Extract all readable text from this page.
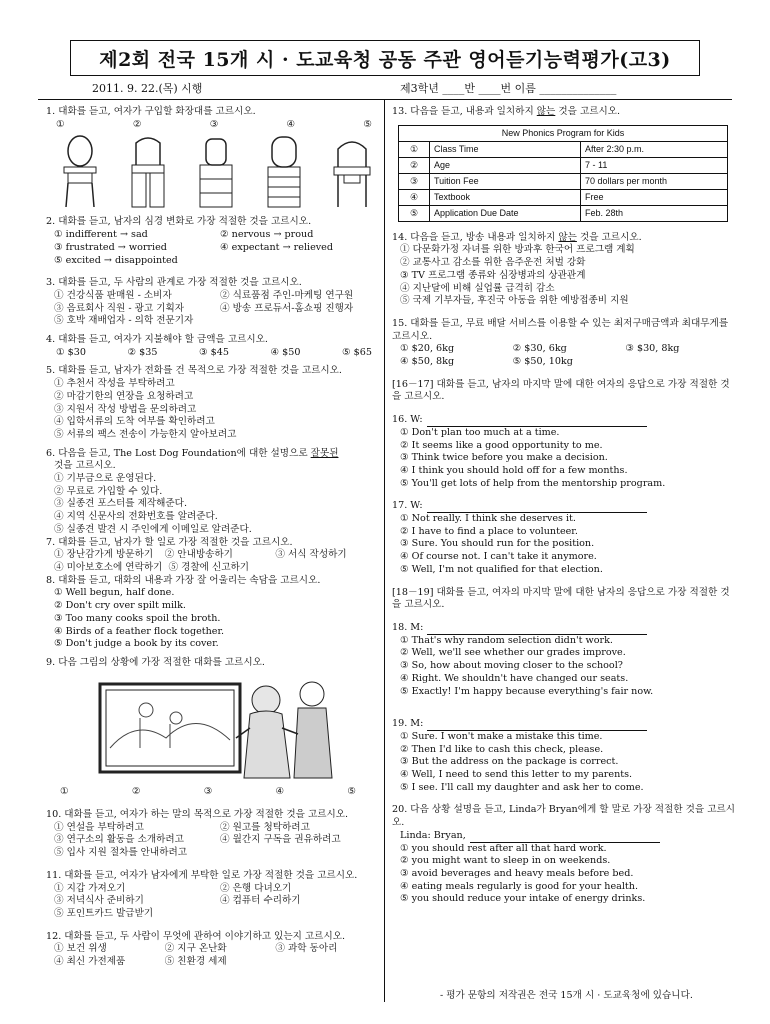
제2회 전국 15개 시 · 도교육청 공동 주관 영어듣기능력평가(고3)
2011. 9. 22.(목) 시행	제3학년 ____반 ____번 이름 ______________
1. 대화를 듣고, 여자가 구입할 화장대를 고르시오.
①	②	③	④	⑤
2. 대화를 듣고, 남자의 심경 변화로 가장 적절한 것을 고르시오.
① indifferent → sad	② nervous → proud
③ frustrated → worried	④ expectant → relieved
⑤ excited → disappointed
3. 대화를 듣고, 두 사람의 관계로 가장 적절한 것을 고르시오.
① 건강식품 판매원 - 소비자	② 식료품점 주인-마케팅 연구원
③ 음료회사 직원 - 광고 기획자	④ 방송 프로듀서-홈쇼핑 진행자
⑤ 호박 재배업자 - 의학 전문기자
4. 대화를 듣고, 여자가 지불해야 할 금액을 고르시오.
① $30	② $35	③ $45	④ $50	⑤ $65
5. 대화를 듣고, 남자가 전화를 건 목적으로 가장 적절한 것을 고르시오.
① 추천서 작성을 부탁하려고
② 마감기한의 연장을 요청하려고
③ 지원서 작성 방법을 문의하려고
④ 입학서류의 도착 여부를 확인하려고
⑤ 서류의 팩스 전송이 가능한지 알아보려고
6. 다음을 듣고, The Lost Dog Foundation에 대한 설명으로 잘못된
것을 고르시오.
① 기부금으로 운영된다.
② 무료로 가입할 수 있다.
③ 실종견 포스터를 제작해준다.
④ 지역 신문사의 전화번호를 알려준다.
⑤ 실종견 발견 시 주인에게 이메일로 알려준다.
7. 대화를 듣고, 남자가 할 일로 가장 적절한 것을 고르시오.
① 장난감가게 방문하기	② 안내방송하기	③ 서식 작성하기
④ 미아보호소에 연락하기 ⑤ 경찰에 신고하기
8. 대화를 듣고, 대화의 내용과 가장 잘 어울리는 속담을 고르시오.
① Well begun, half done.
② Don't cry over spilt milk.
③ Too many cooks spoil the broth.
④ Birds of a feather flock together.
⑤ Don't judge a book by its cover.
9. 다음 그림의 상황에 가장 적절한 대화를 고르시오.
①	②	③	④	⑤
10. 대화를 듣고, 여자가 하는 말의 목적으로 가장 적절한 것을 고르시오.
① 연설을 부탁하려고	② 원고를 청탁하려고
③ 연구소의 활동을 소개하려고	④ 월간지 구독을 권유하려고
⑤ 입사 지원 절차를 안내하려고
11. 대화를 듣고, 여자가 남자에게 부탁한 일로 가장 적절한 것을 고르시오.
① 지갑 가져오기	② 은행 다녀오기
③ 저녁식사 준비하기	④ 컴퓨터 수리하기
⑤ 포인트카드 발급받기
12. 대화를 듣고, 두 사람이 무엇에 관하여 이야기하고 있는지 고르시오.
① 보건 위생	② 지구 온난화	③ 과학 동아리
④ 최신 가전제품	⑤ 친환경 세제
13. 다음을 듣고, 내용과 일치하지 않는 것을 고르시오.
New Phonics Program for Kids		
①	Class Time	After 2:30 p.m.
②	Age	7 - 11
③	Tuition Fee	70 dollars per month
④	Textbook	Free
⑤	Application Due Date	Feb. 28th
14. 다음을 듣고, 방송 내용과 일치하지 않는 것을 고르시오.
① 다문화가정 자녀를 위한 방과후 한국어 프로그램 계획
② 교통사고 감소를 위한 음주운전 처벌 강화
③ TV 프로그램 종류와 심장병과의 상관관계
④ 지난달에 비해 실업률 급격히 감소
⑤ 국제 기부자들, 후진국 아동을 위한 예방접종비 지원
15. 대화를 듣고, 무료 배달 서비스를 이용할 수 있는 최저구매금액과 최대무게를 고르시오.
① $20, 6kg	② $30, 6kg	③ $30, 8kg
④ $50, 8kg	⑤ $50, 10kg
[16－17] 대화를 듣고, 남자의 마지막 말에 대한 여자의 응답으로 가장 적절한 것을 고르시오.
16. W:
① Don't plan too much at a time.
② It seems like a good opportunity to me.
③ Think twice before you make a decision.
④ I think you should hold off for a few months.
⑤ You'll get lots of help from the mentorship program.
17. W:
① Not really. I think she deserves it.
② I have to find a place to volunteer.
③ Sure. You should run for the position.
④ Of course not. I can't take it anymore.
⑤ Well, I'm not qualified for that election.
[18－19] 대화를 듣고, 여자의 마지막 말에 대한 남자의 응답으로 가장 적절한 것을 고르시오.
18. M:
① That's why random selection didn't work.
② Well, we'll see whether our grades improve.
③ So, how about moving closer to the school?
④ Right. We shouldn't have changed our seats.
⑤ Exactly! I'm happy because everything's fair now.
19. M:
① Sure. I won't make a mistake this time.
② Then I'd like to cash this check, please.
③ But the address on the package is correct.
④ Well, I need to send this letter to my parents.
⑤ I see. I'll call my daughter and ask her to come.
20. 다음 상황 설명을 듣고, Linda가 Bryan에게 할 말로 가장 적절한 것을 고르시오.
Linda: Bryan,
① you should rest after all that hard work.
② you might want to sleep in on weekends.
③ avoid beverages and heavy meals before bed.
④ eating meals regularly is good for your health.
⑤ you should reduce your intake of energy drinks.
- 평가 문항의 저작권은 전국 15개 시 · 도교육청에 있습니다.
